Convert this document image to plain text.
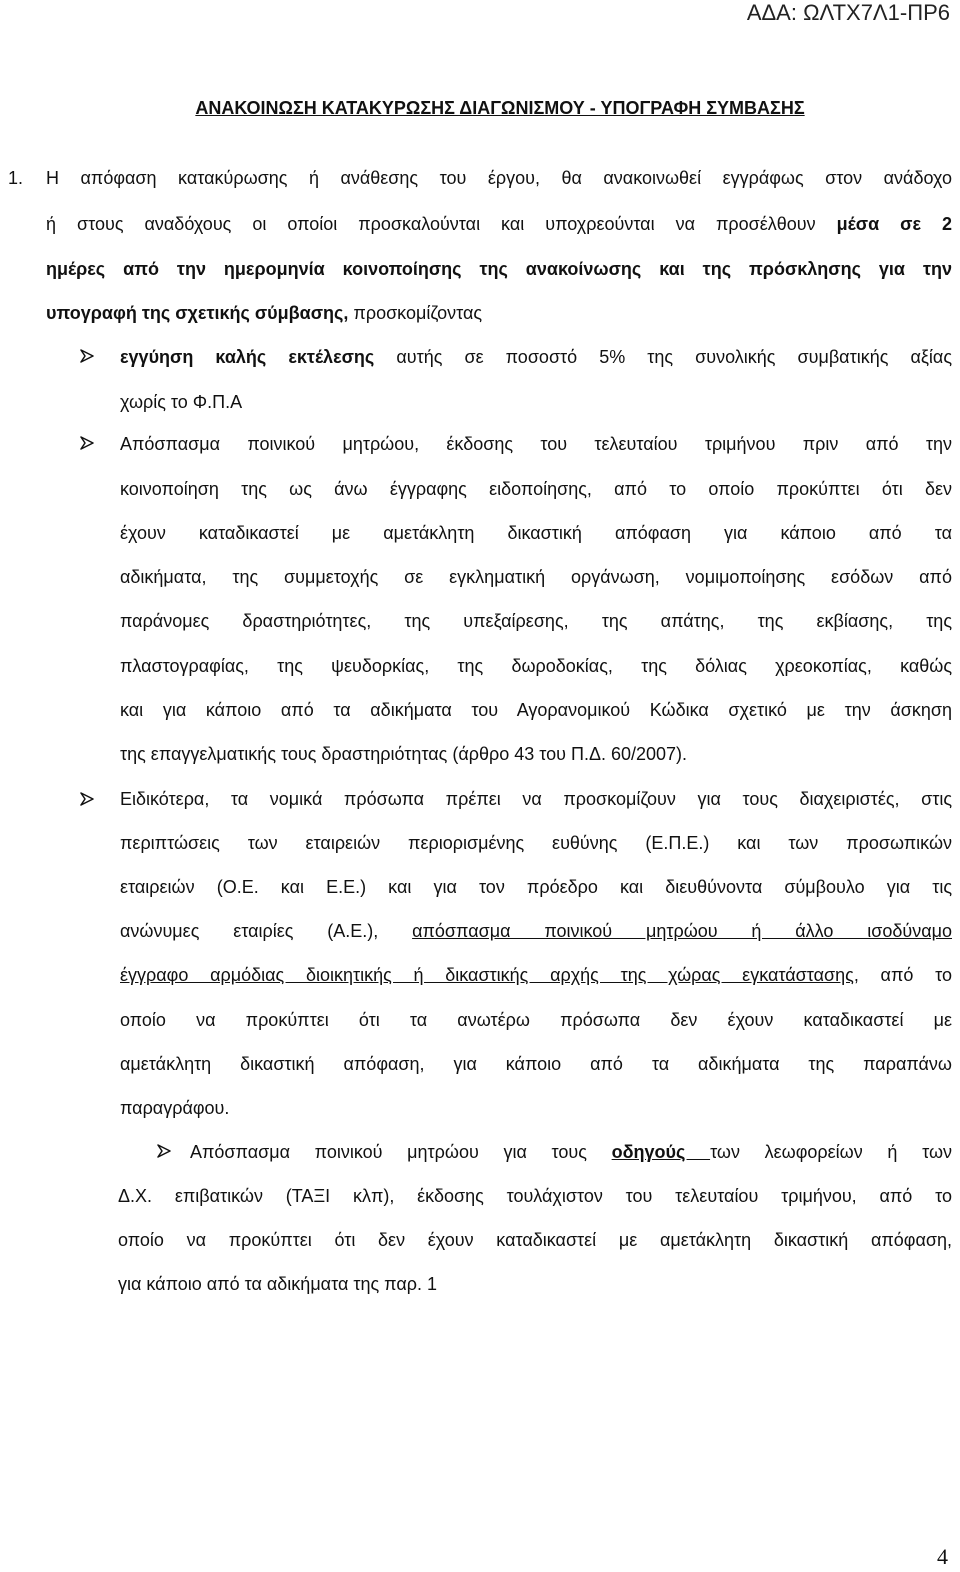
ΑΔΑ: ΩΛΤΧ7Λ1-ΠΡ6
ΑΝΑΚΟΙΝΩΣΗ ΚΑΤΑΚΥΡΩΣΗΣ ΔΙΑΓΩΝΙΣΜΟΥ - ΥΠΟΓΡΑΦΗ ΣΥΜΒΑΣΗΣ
1. Η απόφαση κατακύρωσης ή ανάθεσης του έργου, θα ανακοινωθεί εγγράφως στον ανάδοχο
ή στους αναδόχους οι οποίοι προσκαλούνται και υποχρεούνται να προσέλθουν μέσα σε 2
ημέρες από την ημερομηνία κοινοποίησης της ανακοίνωσης και της πρόσκλησης για την
υπογραφή της σχετικής σύμβασης, προσκομίζοντας
εγγύηση καλής εκτέλεσης αυτής σε ποσοστό 5% της συνολικής συμβατικής αξίας
χωρίς το Φ.Π.Α
Απόσπασμα ποινικού μητρώου, έκδοσης του τελευταίου τριμήνου πριν από την
κοινοποίηση της ως άνω έγγραφης ειδοποίησης, από το οποίο προκύπτει ότι δεν
έχουν καταδικαστεί με αμετάκλητη δικαστική απόφαση για κάποιο από τα
αδικήματα, της συμμετοχής σε εγκληματική οργάνωση, νομιμοποίησης εσόδων από
παράνομες δραστηριότητες, της υπεξαίρεσης, της απάτης, της εκβίασης, της
πλαστογραφίας, της ψευδορκίας, της δωροδοκίας, της δόλιας χρεοκοπίας, καθώς
και για κάποιο από τα αδικήματα του Αγορανομικού Κώδικα σχετικό με την άσκηση
της επαγγελματικής τους δραστηριότητας (άρθρο 43 του Π.Δ. 60/2007).
Ειδικότερα, τα νομικά πρόσωπα πρέπει να προσκομίζουν για τους διαχειριστές, στις
περιπτώσεις των εταιρειών περιορισμένης ευθύνης (Ε.Π.Ε.) και των προσωπικών
εταιρειών (Ο.Ε. και Ε.Ε.) και για τον πρόεδρο και διευθύνοντα σύμβουλο για τις
ανώνυμες εταιρίες (Α.Ε.), απόσπασμα ποινικού μητρώου ή άλλο ισοδύναμο
έγγραφο αρμόδιας διοικητικής ή δικαστικής αρχής της χώρας εγκατάστασης, από το
οποίο να προκύπτει ότι τα ανωτέρω πρόσωπα δεν έχουν καταδικαστεί με
αμετάκλητη δικαστική απόφαση, για κάποιο από τα αδικήματα της παραπάνω
παραγράφου.
Απόσπασμα ποινικού μητρώου για τους οδηγούς των λεωφορείων ή των
Δ.Χ. επιβατικών (ΤΑΞΙ κλπ), έκδοσης τουλάχιστον του τελευταίου τριμήνου, από το
οποίο να προκύπτει ότι δεν έχουν καταδικαστεί με αμετάκλητη δικαστική απόφαση,
για κάποιο από τα αδικήματα της παρ. 1
4
